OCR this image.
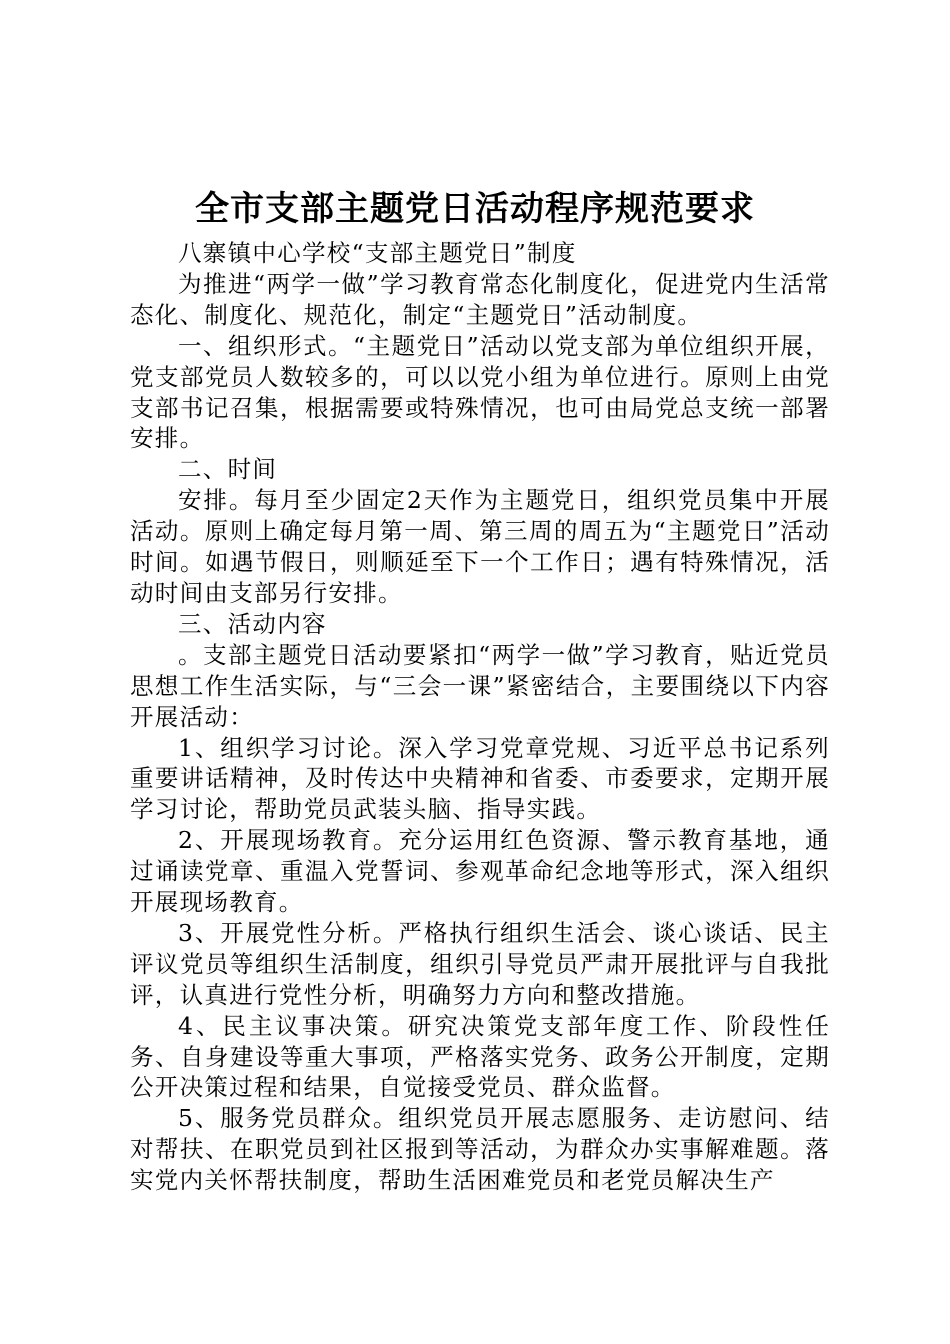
全市支部主题党日活动程序规范要求

八寨镇中心学校“支部主题党日”制度

为推进“两学一做”学习教育常态化制度化，促进党内生活常态化、制度化、规范化，制定“主题党日”活动制度。

一、组织形式。“主题党日”活动以党支部为单位组织开展，党支部党员人数较多的，可以以党小组为单位进行。原则上由党支部书记召集，根据需要或特殊情况，也可由局党总支统一部署安排。

二、时间

安排。每月至少固定2天作为主题党日，组织党员集中开展活动。原则上确定每月第一周、第三周的周五为“主题党日”活动时间。如遇节假日，则顺延至下一个工作日；遇有特殊情况，活动时间由支部另行安排。

三、活动内容

。支部主题党日活动要紧扣“两学一做”学习教育，贴近党员思想工作生活实际，与“三会一课”紧密结合，主要围绕以下内容开展活动：

1、组织学习讨论。深入学习党章党规、习近平总书记系列重要讲话精神，及时传达中央精神和省委、市委要求，定期开展学习讨论，帮助党员武装头脑、指导实践。

2、开展现场教育。充分运用红色资源、警示教育基地，通过诵读党章、重温入党誓词、参观革命纪念地等形式，深入组织开展现场教育。

3、开展党性分析。严格执行组织生活会、谈心谈话、民主评议党员等组织生活制度，组织引导党员严肃开展批评与自我批评，认真进行党性分析，明确努力方向和整改措施。

4、民主议事决策。研究决策党支部年度工作、阶段性任务、自身建设等重大事项，严格落实党务、政务公开制度，定期公开决策过程和结果，自觉接受党员、群众监督。

5、服务党员群众。组织党员开展志愿服务、走访慰问、结对帮扶、在职党员到社区报到等活动，为群众办实事解难题。落实党内关怀帮扶制度，帮助生活困难党员和老党员解决生产
